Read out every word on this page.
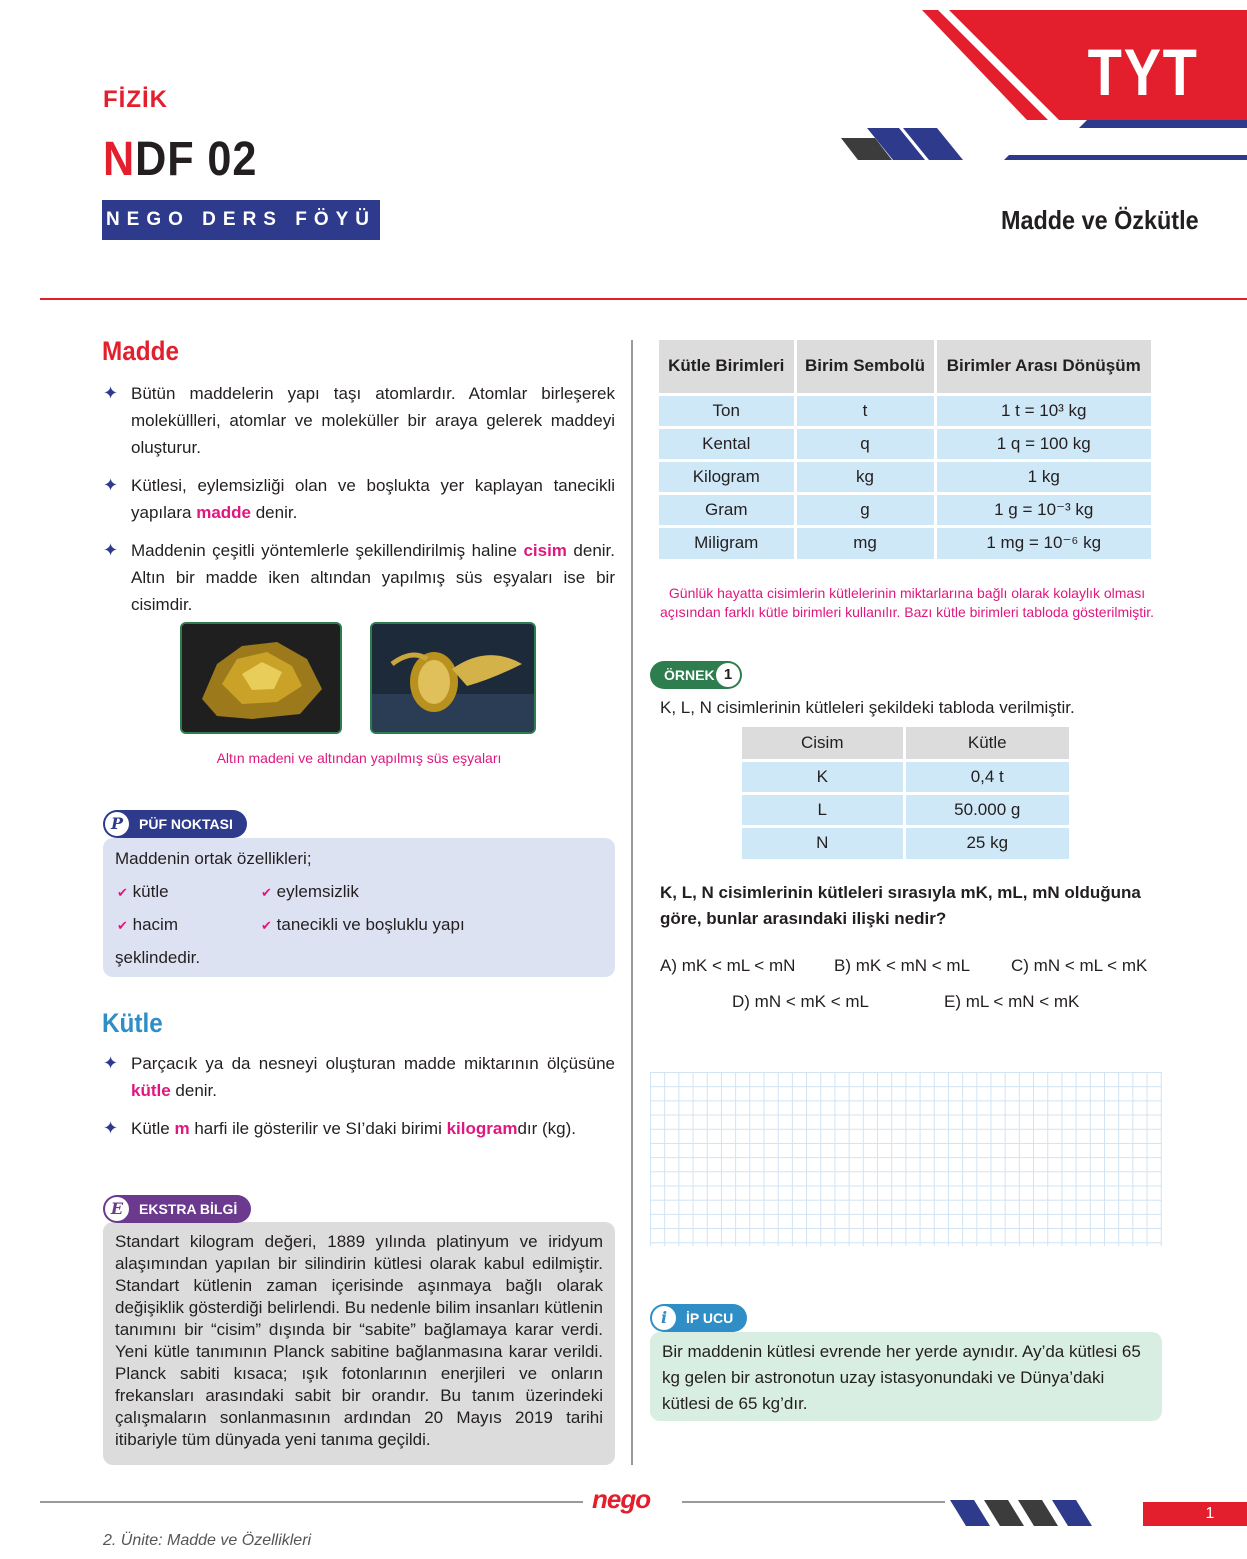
FİZİK
NDF 02
NEGO DERS FÖYÜ
TYT
Madde ve Özkütle
Madde

✦ Bütün maddelerin yapı taşı atomlardır. Atomlar birleşerek moleküllleri, atomlar ve moleküller bir araya gelerek maddeyi oluşturur.

✦ Kütlesi, eylemsizliği olan ve boşlukta yer kaplayan tanecikli yapılara madde denir.

✦ Maddenin çeşitli yöntemlerle şekillendirilmiş haline cisim denir. Altın bir madde iken altından yapılmış süs eşyaları ise bir cisimdir.

Altın madeni ve altından yapılmış süs eşyaları
Maddenin ortak özellikleri;
✔ kütle	✔ eylemsizlik
✔ hacim	✔ tanecikli ve boşluklu yapı
şeklindedir.
P	PÜF NOKTASI
Kütle

✦ Parçacık ya da nesneyi oluşturan madde miktarının ölçüsüne kütle denir.

✦ Kütle m harfi ile gösterilir ve SI’daki birimi kilogramdır (kg).

Standart kilogram değeri, 1889 yılında platinyum ve iridyum alaşımından yapılan bir silindirin kütlesi olarak kabul edilmiştir. Standart kütlenin zaman içerisinde aşınmaya bağlı olarak değişiklik gösterdiği belirlendi. Bu nedenle bilim insanları kütlenin tanımını bir “cisim” dışında bir “sabite” bağlamaya karar verdi. Yeni kütle tanımının Planck sabitine bağlanmasına karar verildi. Planck sabiti kısaca; ışık fotonlarının enerjileri ve onların frekansları arasındaki sabit bir orandır. Bu tanım üzerindeki çalışmaların sonlanmasının ardından 20 Mayıs 2019 tarihi itibariyle tüm dünyada yeni tanıma geçildi.

E	EKSTRA BİLGİ
Kütle Birimleri	Birim Sembolü	Birimler Arası Dönüşüm
Ton	t	1 t = 10³ kg
Kental	q	1 q = 100 kg
Kilogram	kg	1 kg
Gram	g	1 g = 10⁻³ kg
Miligram	mg	1 mg = 10⁻⁶ kg
Günlük hayatta cisimlerin kütlelerinin miktarlarına bağlı olarak kolaylık olması açısından farklı kütle birimleri kullanılır. Bazı kütle birimleri tabloda gösterilmiştir.
ÖRNEK 1
K, L, N cisimlerinin kütleleri şekildeki tabloda verilmiştir.
Cisim	Kütle
K	0,4 t
L	50.000 g
N	25 kg
K, L, N cisimlerinin kütleleri sırasıyla mK, mL, mN olduğuna göre, bunlar arasındaki ilişki nedir?
A) mK < mL < mN B) mK < mN < mL C) mN < mL < mK
D) mN < mK < mL	E) mL < mN < mK

Bir maddenin kütlesi evrende her yerde aynıdır. Ay’da kütlesi 65 kg gelen bir astronotun uzay istasyonundaki ve Dünya’daki kütlesi de 65 kg’dır.

i	İP UCU
nego	1
2. Ünite: Madde ve Özellikleri
